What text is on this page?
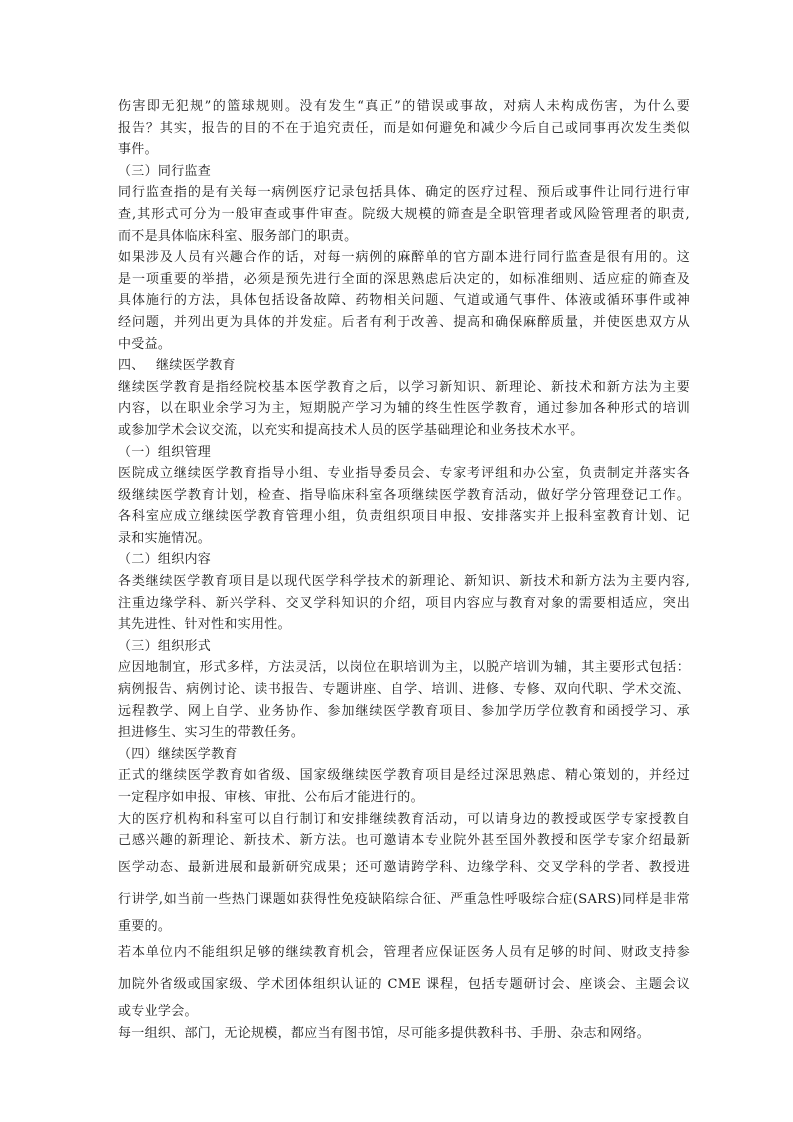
伤害即无犯规”的篮球规则。没有发生“真正”的错误或事故，对病人未构成伤害，为什么要
报告？其实，报告的目的不在于追究责任，而是如何避免和减少今后自己或同事再次发生类似
事件。
（三）同行监查
同行监查指的是有关每一病例医疗记录包括具体、确定的医疗过程、预后或事件让同行进行审
查,其形式可分为一般审查或事件审查。院级大规模的筛查是全职管理者或风险管理者的职责,
而不是具体临床科室、服务部门的职责。
如果涉及人员有兴趣合作的话，对每一病例的麻醉单的官方副本进行同行监查是很有用的。这
是一项重要的举措，必须是预先进行全面的深思熟虑后决定的，如标准细则、适应症的筛查及
具体施行的方法，具体包括设备故障、药物相关问题、气道或通气事件、体液或循环事件或神
经问题，并列出更为具体的并发症。后者有利于改善、提高和确保麻醉质量，并使医患双方从
中受益。
四、 继续医学教育
继续医学教育是指经院校基本医学教育之后，以学习新知识、新理论、新技术和新方法为主要
内容，以在职业余学习为主，短期脱产学习为辅的终生性医学教育，通过参加各种形式的培训
或参加学术会议交流，以充实和提高技术人员的医学基础理论和业务技术水平。
（一）组织管理
医院成立继续医学教育指导小组、专业指导委员会、专家考评组和办公室，负责制定并落实各
级继续医学教育计划，检查、指导临床科室各项继续医学教育活动，做好学分管理登记工作。
各科室应成立继续医学教育管理小组，负责组织项目申报、安排落实并上报科室教育计划、记
录和实施情况。
（二）组织内容
各类继续医学教育项目是以现代医学科学技术的新理论、新知识、新技术和新方法为主要内容,
注重边缘学科、新兴学科、交叉学科知识的介绍，项目内容应与教育对象的需要相适应，突出
其先进性、针对性和实用性。
（三）组织形式
应因地制宜，形式多样，方法灵活，以岗位在职培训为主，以脱产培训为辅，其主要形式包括：
病例报告、病例讨论、读书报告、专题讲座、自学、培训、进修、专修、双向代职、学术交流、
远程教学、网上自学、业务协作、参加继续医学教育项目、参加学历学位教育和函授学习、承
担进修生、实习生的带教任务。
（四）继续医学教育
正式的继续医学教育如省级、国家级继续医学教育项目是经过深思熟虑、精心策划的，并经过
一定程序如申报、审核、审批、公布后才能进行的。
大的医疗机构和科室可以自行制订和安排继续教育活动，可以请身边的教授或医学专家授教自
己感兴趣的新理论、新技术、新方法。也可邀请本专业院外甚至国外教授和医学专家介绍最新
医学动态、最新进展和最新研究成果；还可邀请跨学科、边缘学科、交叉学科的学者、教授进
行讲学,如当前一些热门课题如获得性免疫缺陷综合征、严重急性呼吸综合症(SARS)同样是非常
重要的。
若本单位内不能组织足够的继续教育机会，管理者应保证医务人员有足够的时间、财政支持参
加院外省级或国家级、学术团体组织认证的 CME 课程，包括专题研讨会、座谈会、主题会议
或专业学会。
每一组织、部门，无论规模，都应当有图书馆，尽可能多提供教科书、手册、杂志和网络。
